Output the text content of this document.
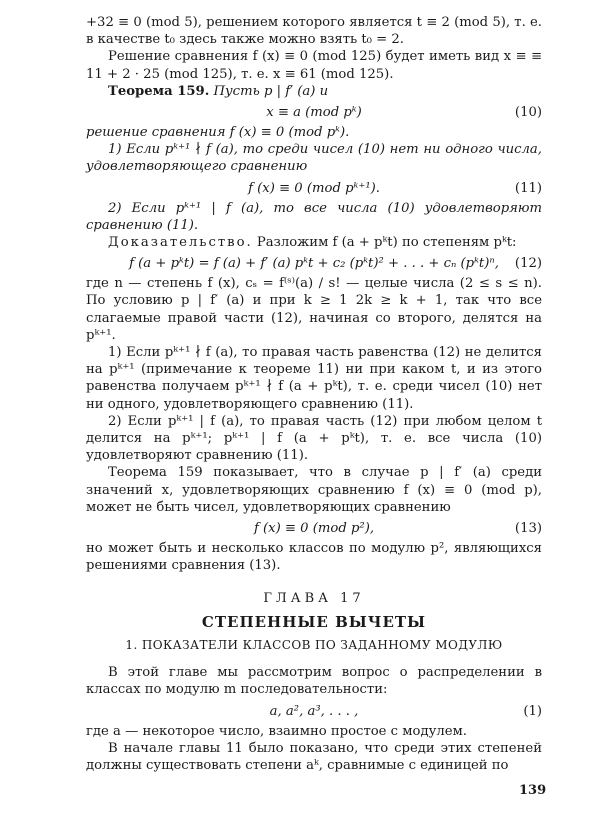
+32 ≡ 0 (mod 5), решением которого является t ≡ 2 (mod 5), т. е. в качестве t₀ здесь также можно взять t₀ = 2.

Решение сравнения f (x) ≡ 0 (mod 125) будет иметь вид x ≡ ≡ 11 + 2 · 25 (mod 125), т. е. x ≡ 61 (mod 125).

Теорема 159. Пусть p | f′ (a) и

x ≡ a (mod pᵏ)	(10)

решение сравнения f (x) ≡ 0 (mod pᵏ).

1) Если pᵏ⁺¹ ∤ f (a), то среди чисел (10) нет ни одного числа, удовлетворяющего сравнению

f (x) ≡ 0 (mod pᵏ⁺¹).	(11)

2) Если pᵏ⁺¹ | f (a), то все числа (10) удовлетворяют сравнению (11).

Доказательство. Разложим f (a + pᵏt) по степеням pᵏt:

f (a + pᵏt) = f (a) + f′ (a) pᵏt + c₂ (pᵏt)² + . . . + cₙ (pᵏt)ⁿ, (12)

где n — степень f (x), cₛ = f⁽ˢ⁾(a) / s! — целые числа (2 ≤ s ≤ n). По условию p | f′ (a) и при k ≥ 1 2k ≥ k + 1, так что все слагаемые правой части (12), начиная со второго, делятся на pᵏ⁺¹.

1) Если pᵏ⁺¹ ∤ f (a), то правая часть равенства (12) не делится на pᵏ⁺¹ (примечание к теореме 11) ни при каком t, и из этого равенства получаем pᵏ⁺¹ ∤ f (a + pᵏt), т. е. среди чисел (10) нет ни одного, удовлетворяющего сравнению (11).

2) Если pᵏ⁺¹ | f (a), то правая часть (12) при любом целом t делится на pᵏ⁺¹; pᵏ⁺¹ | f (a + pᵏt), т. е. все числа (10) удовлетворяют сравнению (11).

Теорема 159 показывает, что в случае p | f′ (a) среди значений x, удовлетворяющих сравнению f (x) ≡ 0 (mod p), может не быть чисел, удовлетворяющих сравнению

f (x) ≡ 0 (mod p²),	(13)

но может быть и несколько классов по модулю p², являющихся решениями сравнения (13).

ГЛАВА 17
СТЕПЕННЫЕ ВЫЧЕТЫ
1. ПОКАЗАТЕЛИ КЛАССОВ ПО ЗАДАННОМУ МОДУЛЮ

В этой главе мы рассмотрим вопрос о распределении в классах по модулю m последовательности:

a, a², a³, . . . ,	(1)

где a — некоторое число, взаимно простое с модулем.

В начале главы 11 было показано, что среди этих степеней должны существовать степени aᵏ, сравнимые с единицей по

139
